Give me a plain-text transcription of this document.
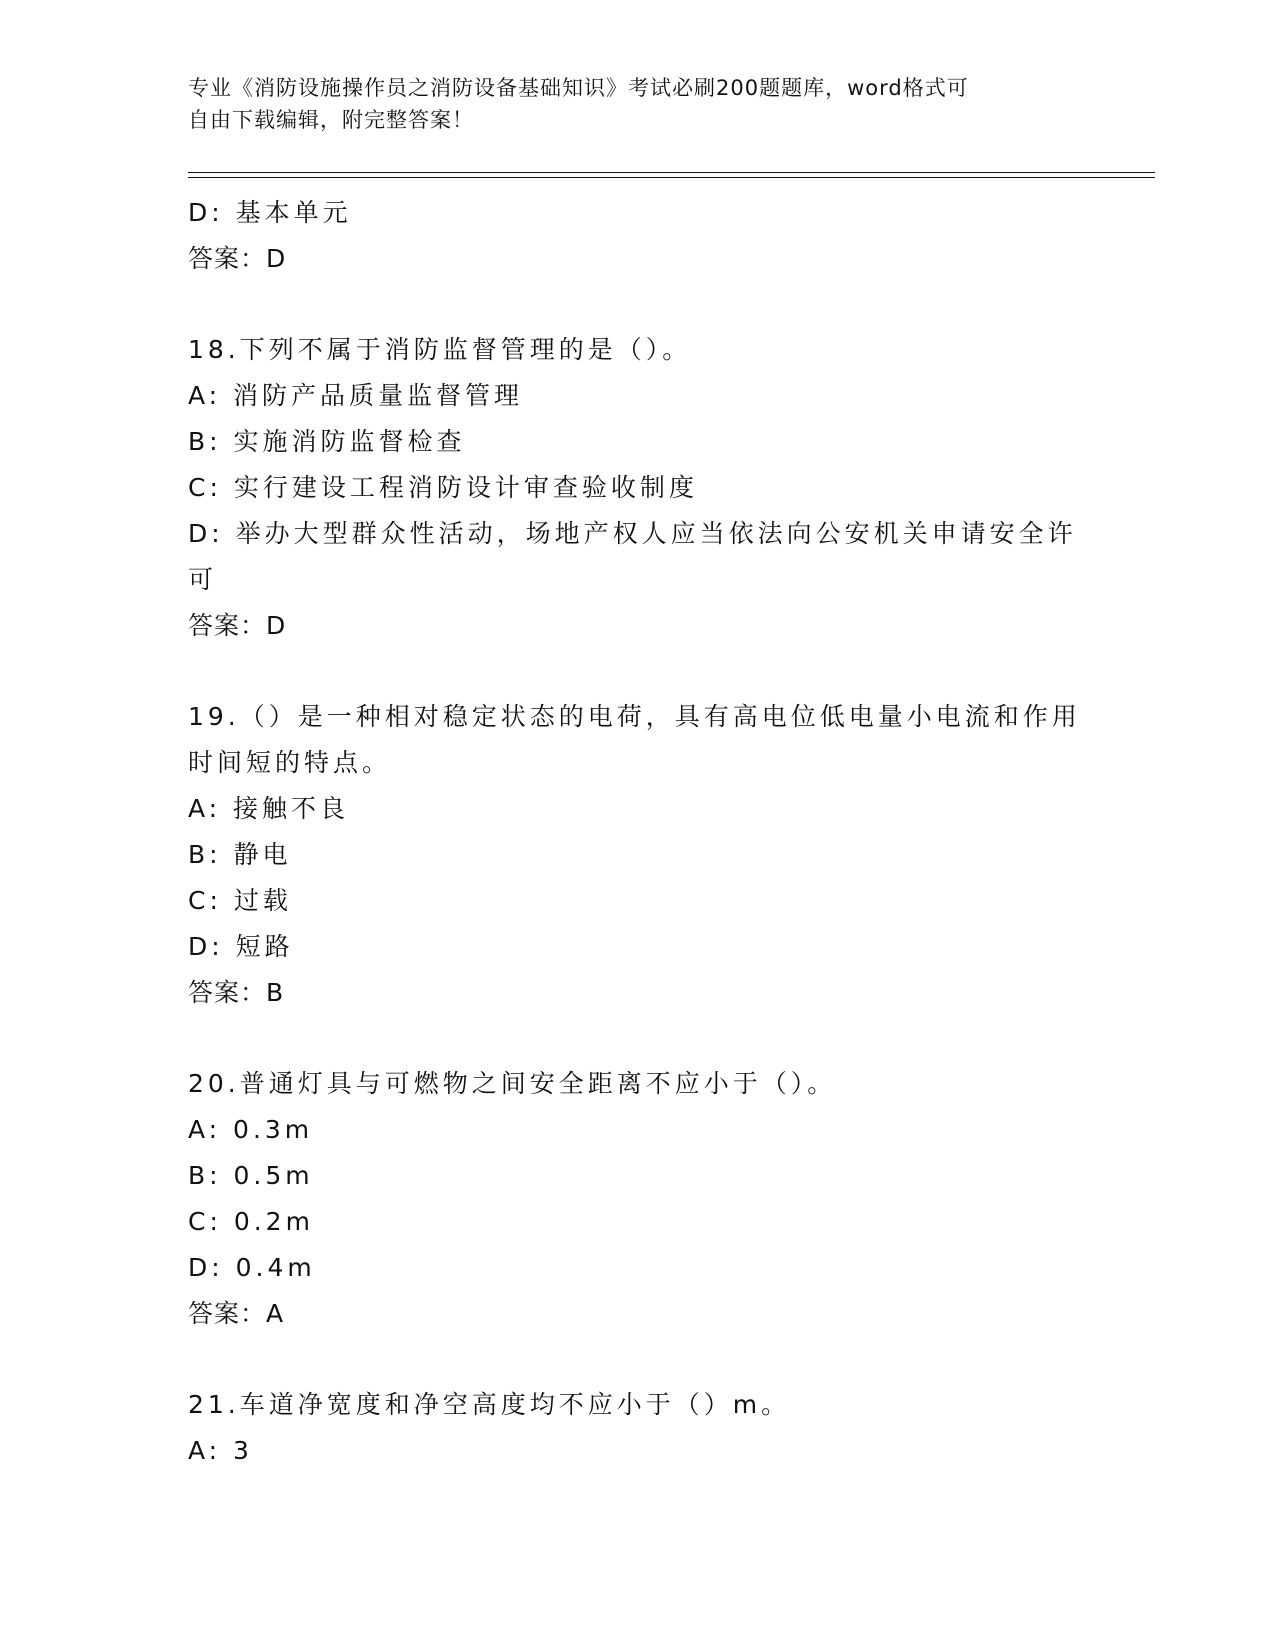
专业《消防设施操作员之消防设备基础知识》考试必刷200题题库，word格式可
自由下载编辑，附完整答案！
D: 基本单元
答案：D
18.下列不属于消防监督管理的是（）。
A: 消防产品质量监督管理
B: 实施消防监督检查
C: 实行建设工程消防设计审查验收制度
D: 举办大型群众性活动，场地产权人应当依法向公安机关申请安全许
可
答案：D
19.（）是一种相对稳定状态的电荷，具有高电位低电量小电流和作用
时间短的特点。
A: 接触不良
B: 静电
C: 过载
D: 短路
答案：B
20.普通灯具与可燃物之间安全距离不应小于（）。
A: 0.3m
B: 0.5m
C: 0.2m
D: 0.4m
答案：A
21.车道净宽度和净空高度均不应小于（）m。
A: 3
